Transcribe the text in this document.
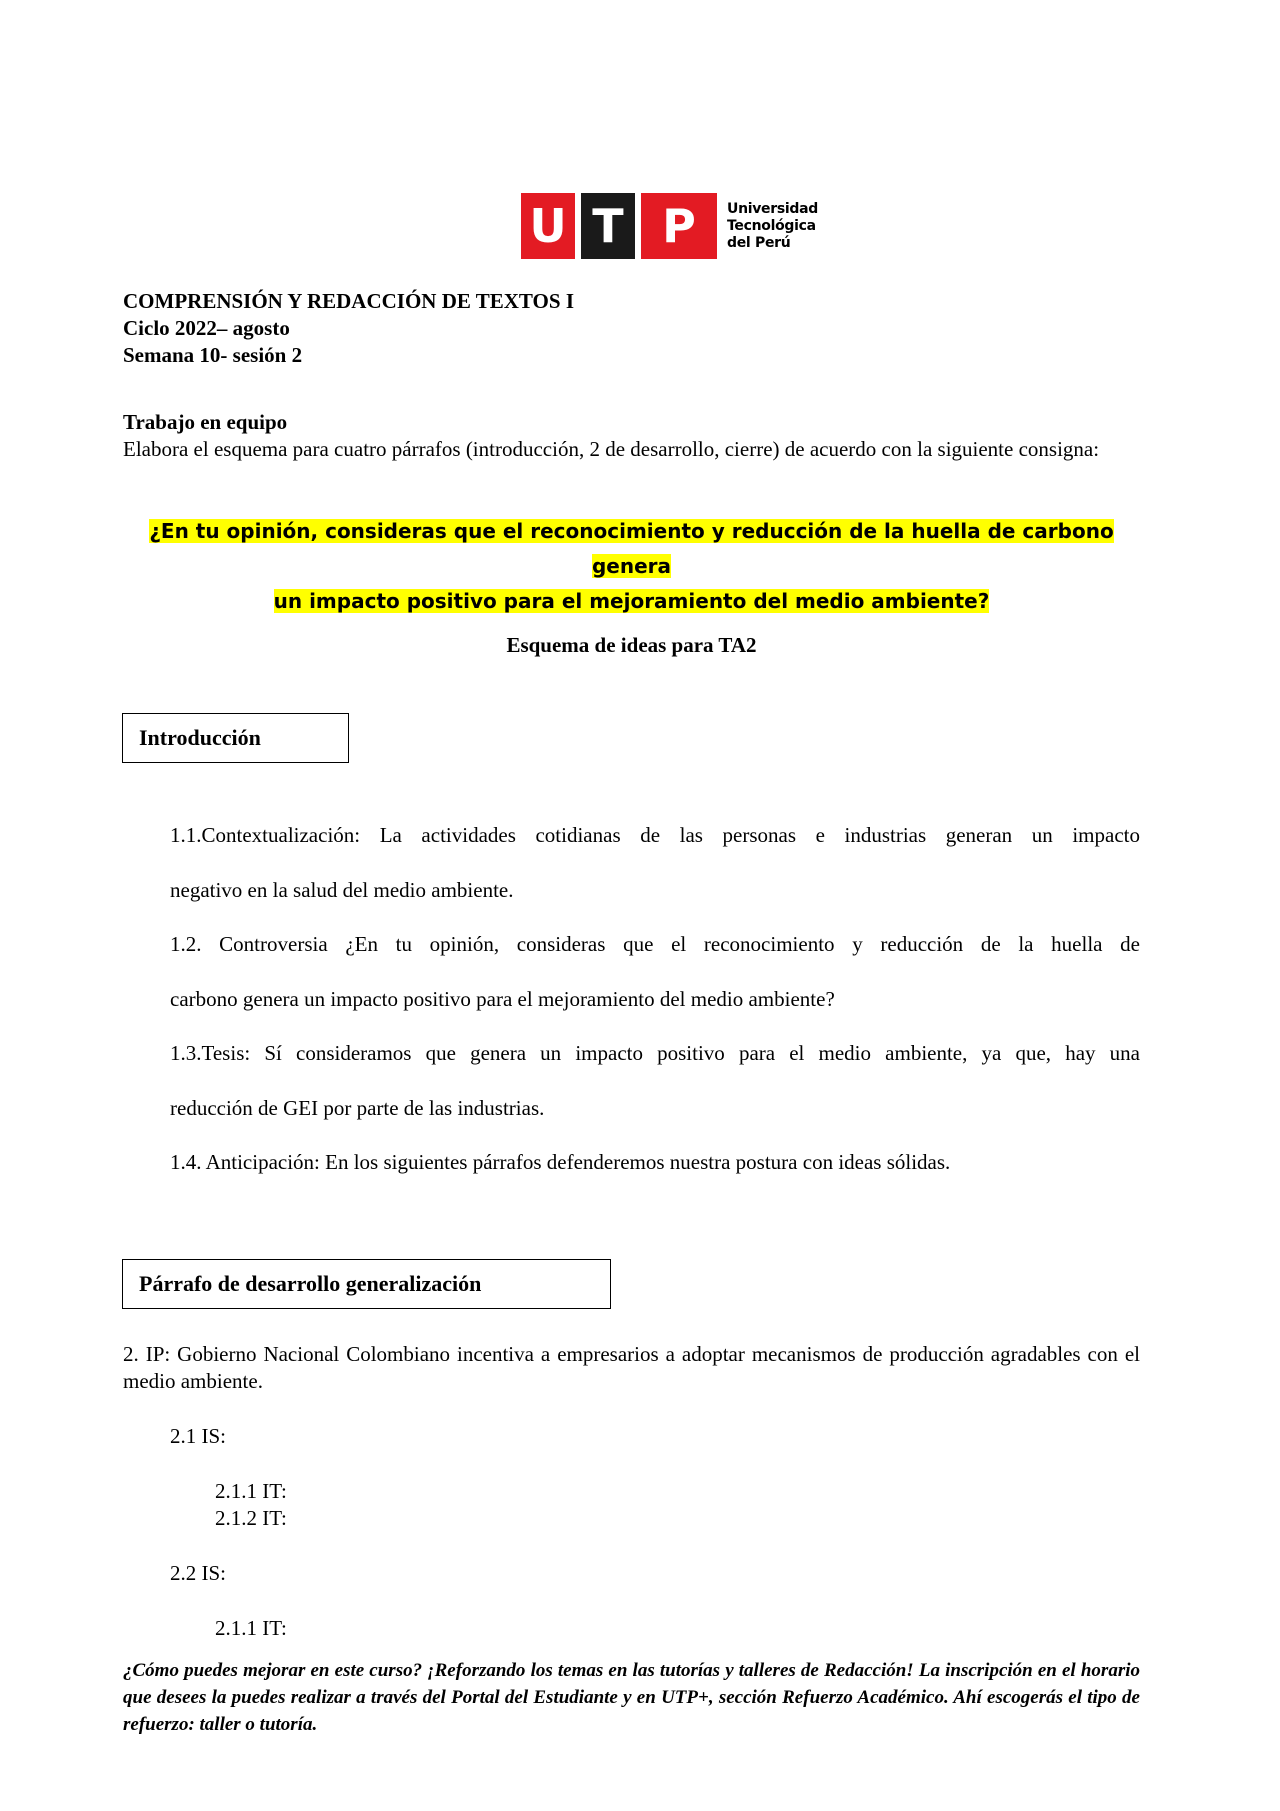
U T P	Universidad
Tecnológica
del Perú
COMPRENSIÓN Y REDACCIÓN DE TEXTOS I
Ciclo 2022– agosto
Semana 10- sesión 2
Trabajo en equipo
Elabora el esquema para cuatro párrafos (introducción, 2 de desarrollo, cierre) de acuerdo con la siguiente consigna:
¿En tu opinión, consideras que el reconocimiento y reducción de la huella de carbono genera
un impacto positivo para el mejoramiento del medio ambiente?
Esquema de ideas para TA2
Introducción
1.1.Contextualización: La actividades cotidianas de las personas e industrias generan un impacto
negativo en la salud del medio ambiente.
1.2. Controversia ¿En tu opinión, consideras que el reconocimiento y reducción de la huella de
carbono genera un impacto positivo para el mejoramiento del medio ambiente?
1.3.Tesis: Sí consideramos que genera un impacto positivo para el medio ambiente, ya que, hay una
reducción de GEI por parte de las industrias.
1.4. Anticipación: En los siguientes párrafos defenderemos nuestra postura con ideas sólidas.
Párrafo de desarrollo generalización
2. IP: Gobierno Nacional Colombiano incentiva a empresarios a adoptar mecanismos de producción agradables con el medio ambiente.
2.1 IS:
2.1.1 IT:
2.1.2 IT:
2.2 IS:
2.1.1 IT:
¿Cómo puedes mejorar en este curso? ¡Reforzando los temas en las tutorías y talleres de Redacción! La inscripción en el horario que desees la puedes realizar a través del Portal del Estudiante y en UTP+, sección Refuerzo Académico. Ahí escogerás el tipo de refuerzo: taller o tutoría.
